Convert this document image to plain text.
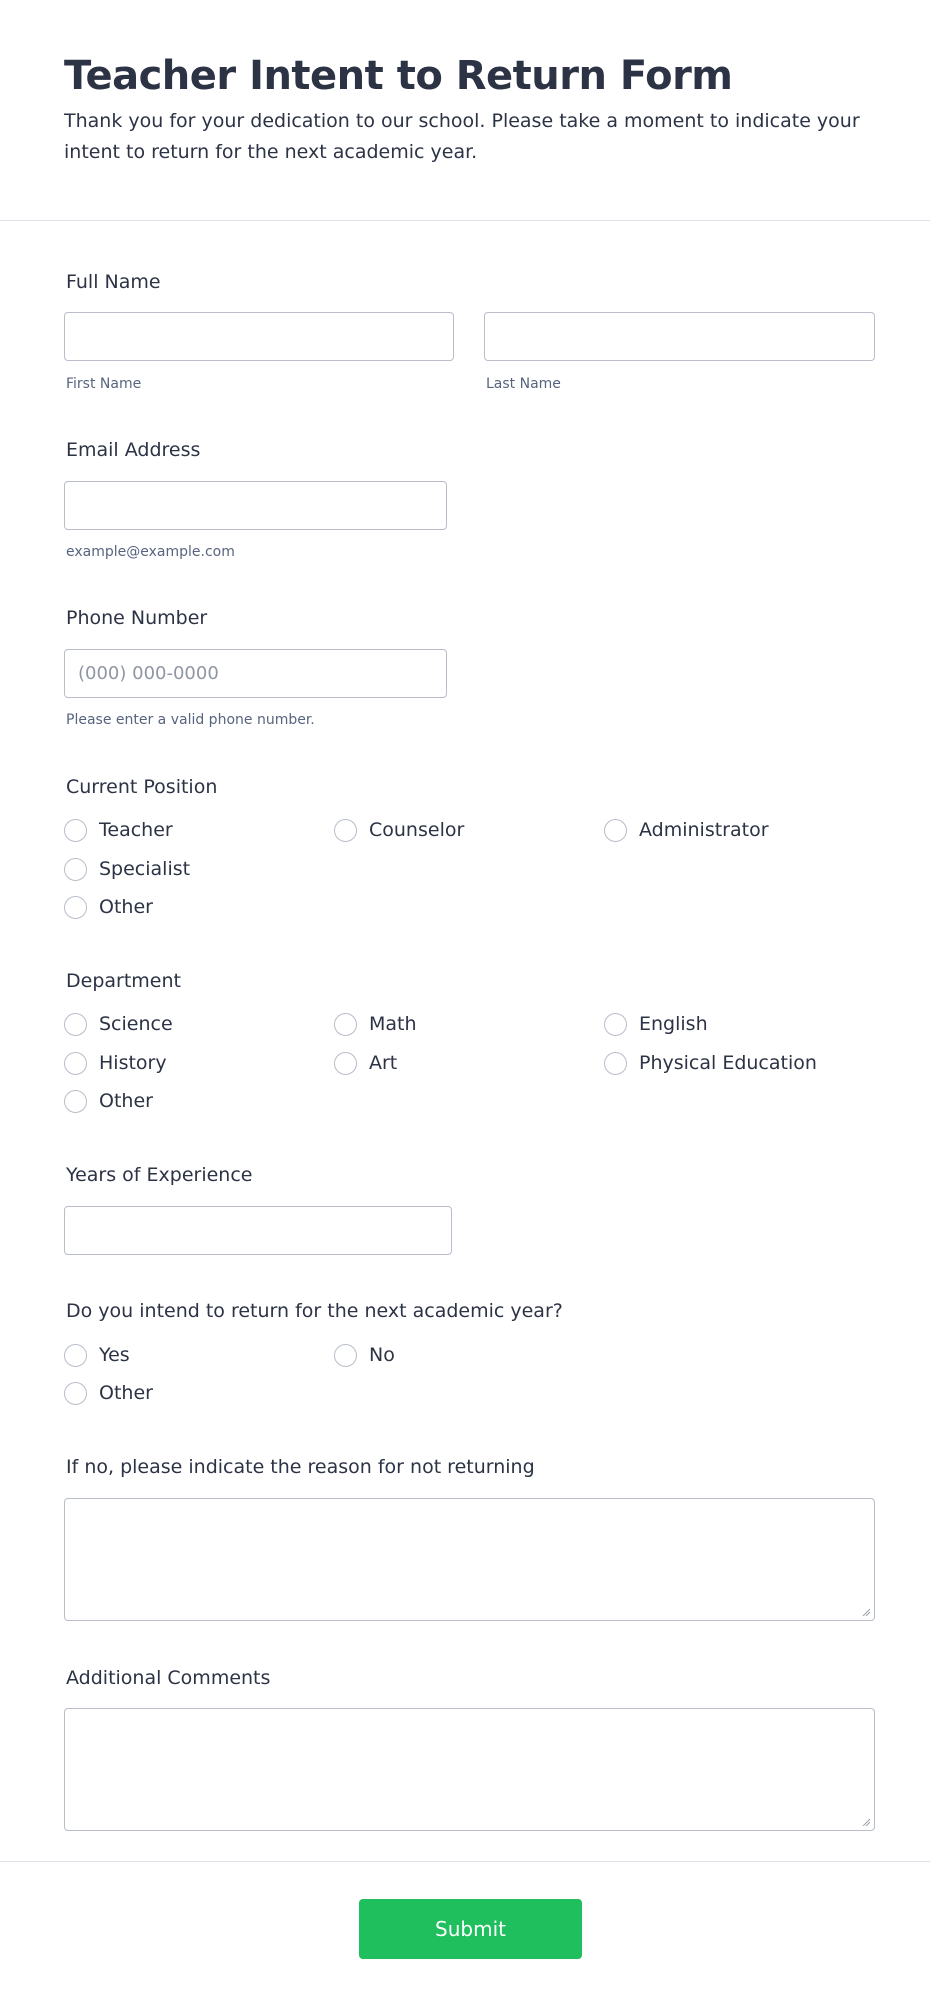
Teacher Intent to Return Form

Thank you for your dedication to our school. Please take a moment to indicate your intent to return for the next academic year.

Full Name
First Name	Last Name
Email Address
example@example.com
Phone Number
(000) 000-0000
Please enter a valid phone number.
Current Position
Teacher	Counselor	Administrator
Specialist
Other
Department
Science	Math	English
History	Art	Physical Education
Other
Years of Experience
Do you intend to return for the next academic year?
Yes	No
Other
If no, please indicate the reason for not returning
Additional Comments
Submit
